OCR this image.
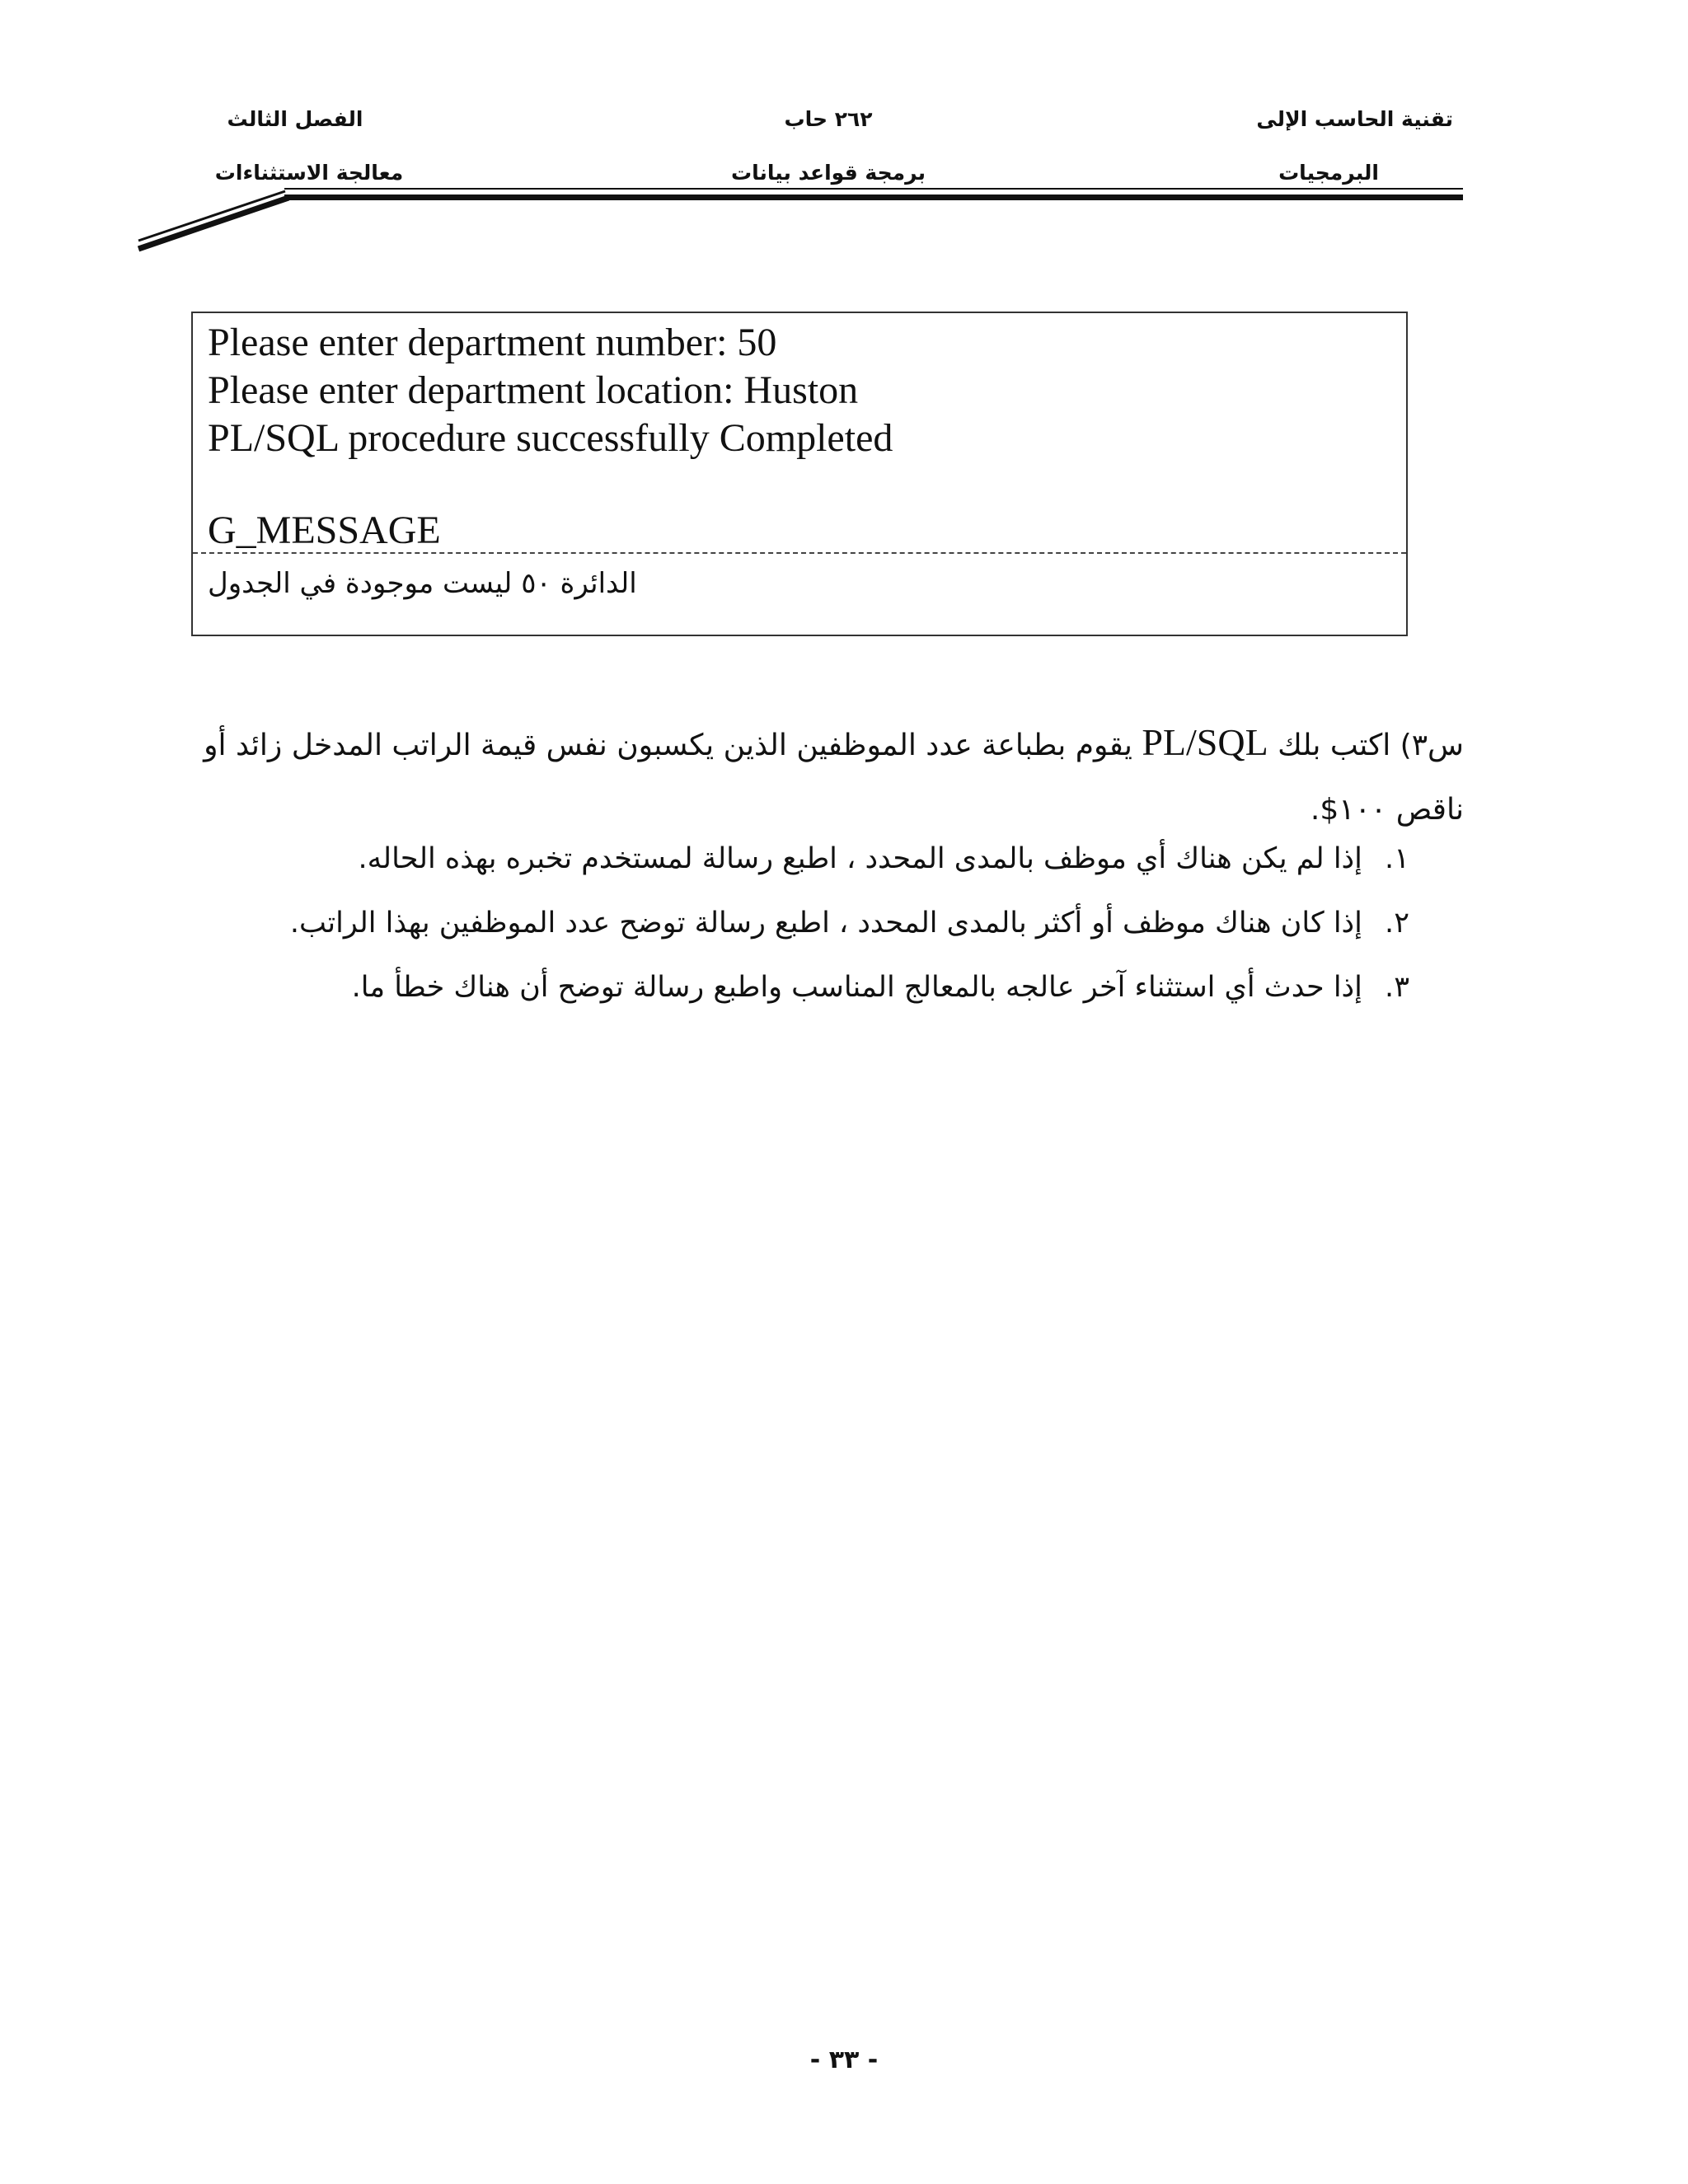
تقنية الحاسب الإلى
البرمجيات
٢٦٢ حاب
برمجة قواعد بيانات
الفصل الثالث
معالجة الاستثناءات
Please enter department number: 50
Please enter department location: Huston
PL/SQL procedure successfully Completed
G_MESSAGE
الدائرة ٥٠ ليست موجودة في الجدول
س٣) اكتب بلك PL/SQL يقوم بطباعة عدد الموظفين الذين يكسبون نفس قيمة الراتب المدخل زائد أو ناقص ١٠٠$.
١. إذا لم يكن هناك أي موظف بالمدى المحدد ، اطبع رسالة لمستخدم تخبره بهذه الحاله.
٢. إذا كان هناك موظف أو أكثر بالمدى المحدد ، اطبع رسالة توضح عدد الموظفين بهذا الراتب.
٣. إذا حدث أي استثناء آخر عالجه بالمعالج المناسب واطبع رسالة توضح أن هناك خطأ ما.
- ٣٣ -
